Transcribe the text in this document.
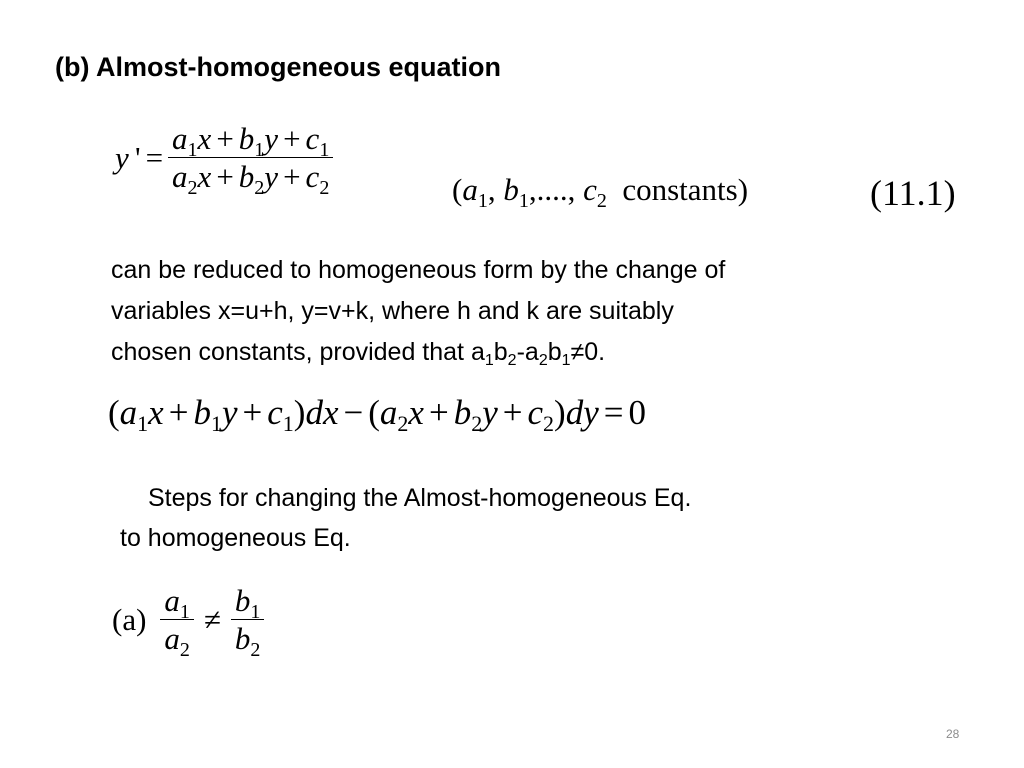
(b) Almost-homogeneous equation
y ' = $\frac{a_1x + b_1y + c_1}{a_2x + b_2y + c_2}$	($a_1$, $b_1$,...., $c_2$ constants)	(11.1)
can be reduced to homogeneous form by the change of
variables x=u+h, y=v+k, where h and k are suitably
chosen constants, provided that $a_1b_2-a_2b_1\ne 0$.
$(a_1x + b_1y + c_1)dx - (a_2x + b_2y + c_2)dy = 0$
Steps for changing the Almost-homogeneous Eq.
to homogeneous Eq.
$(a) \frac{a_1}{a_2} \ne \frac{b_1}{b_2}$
28
